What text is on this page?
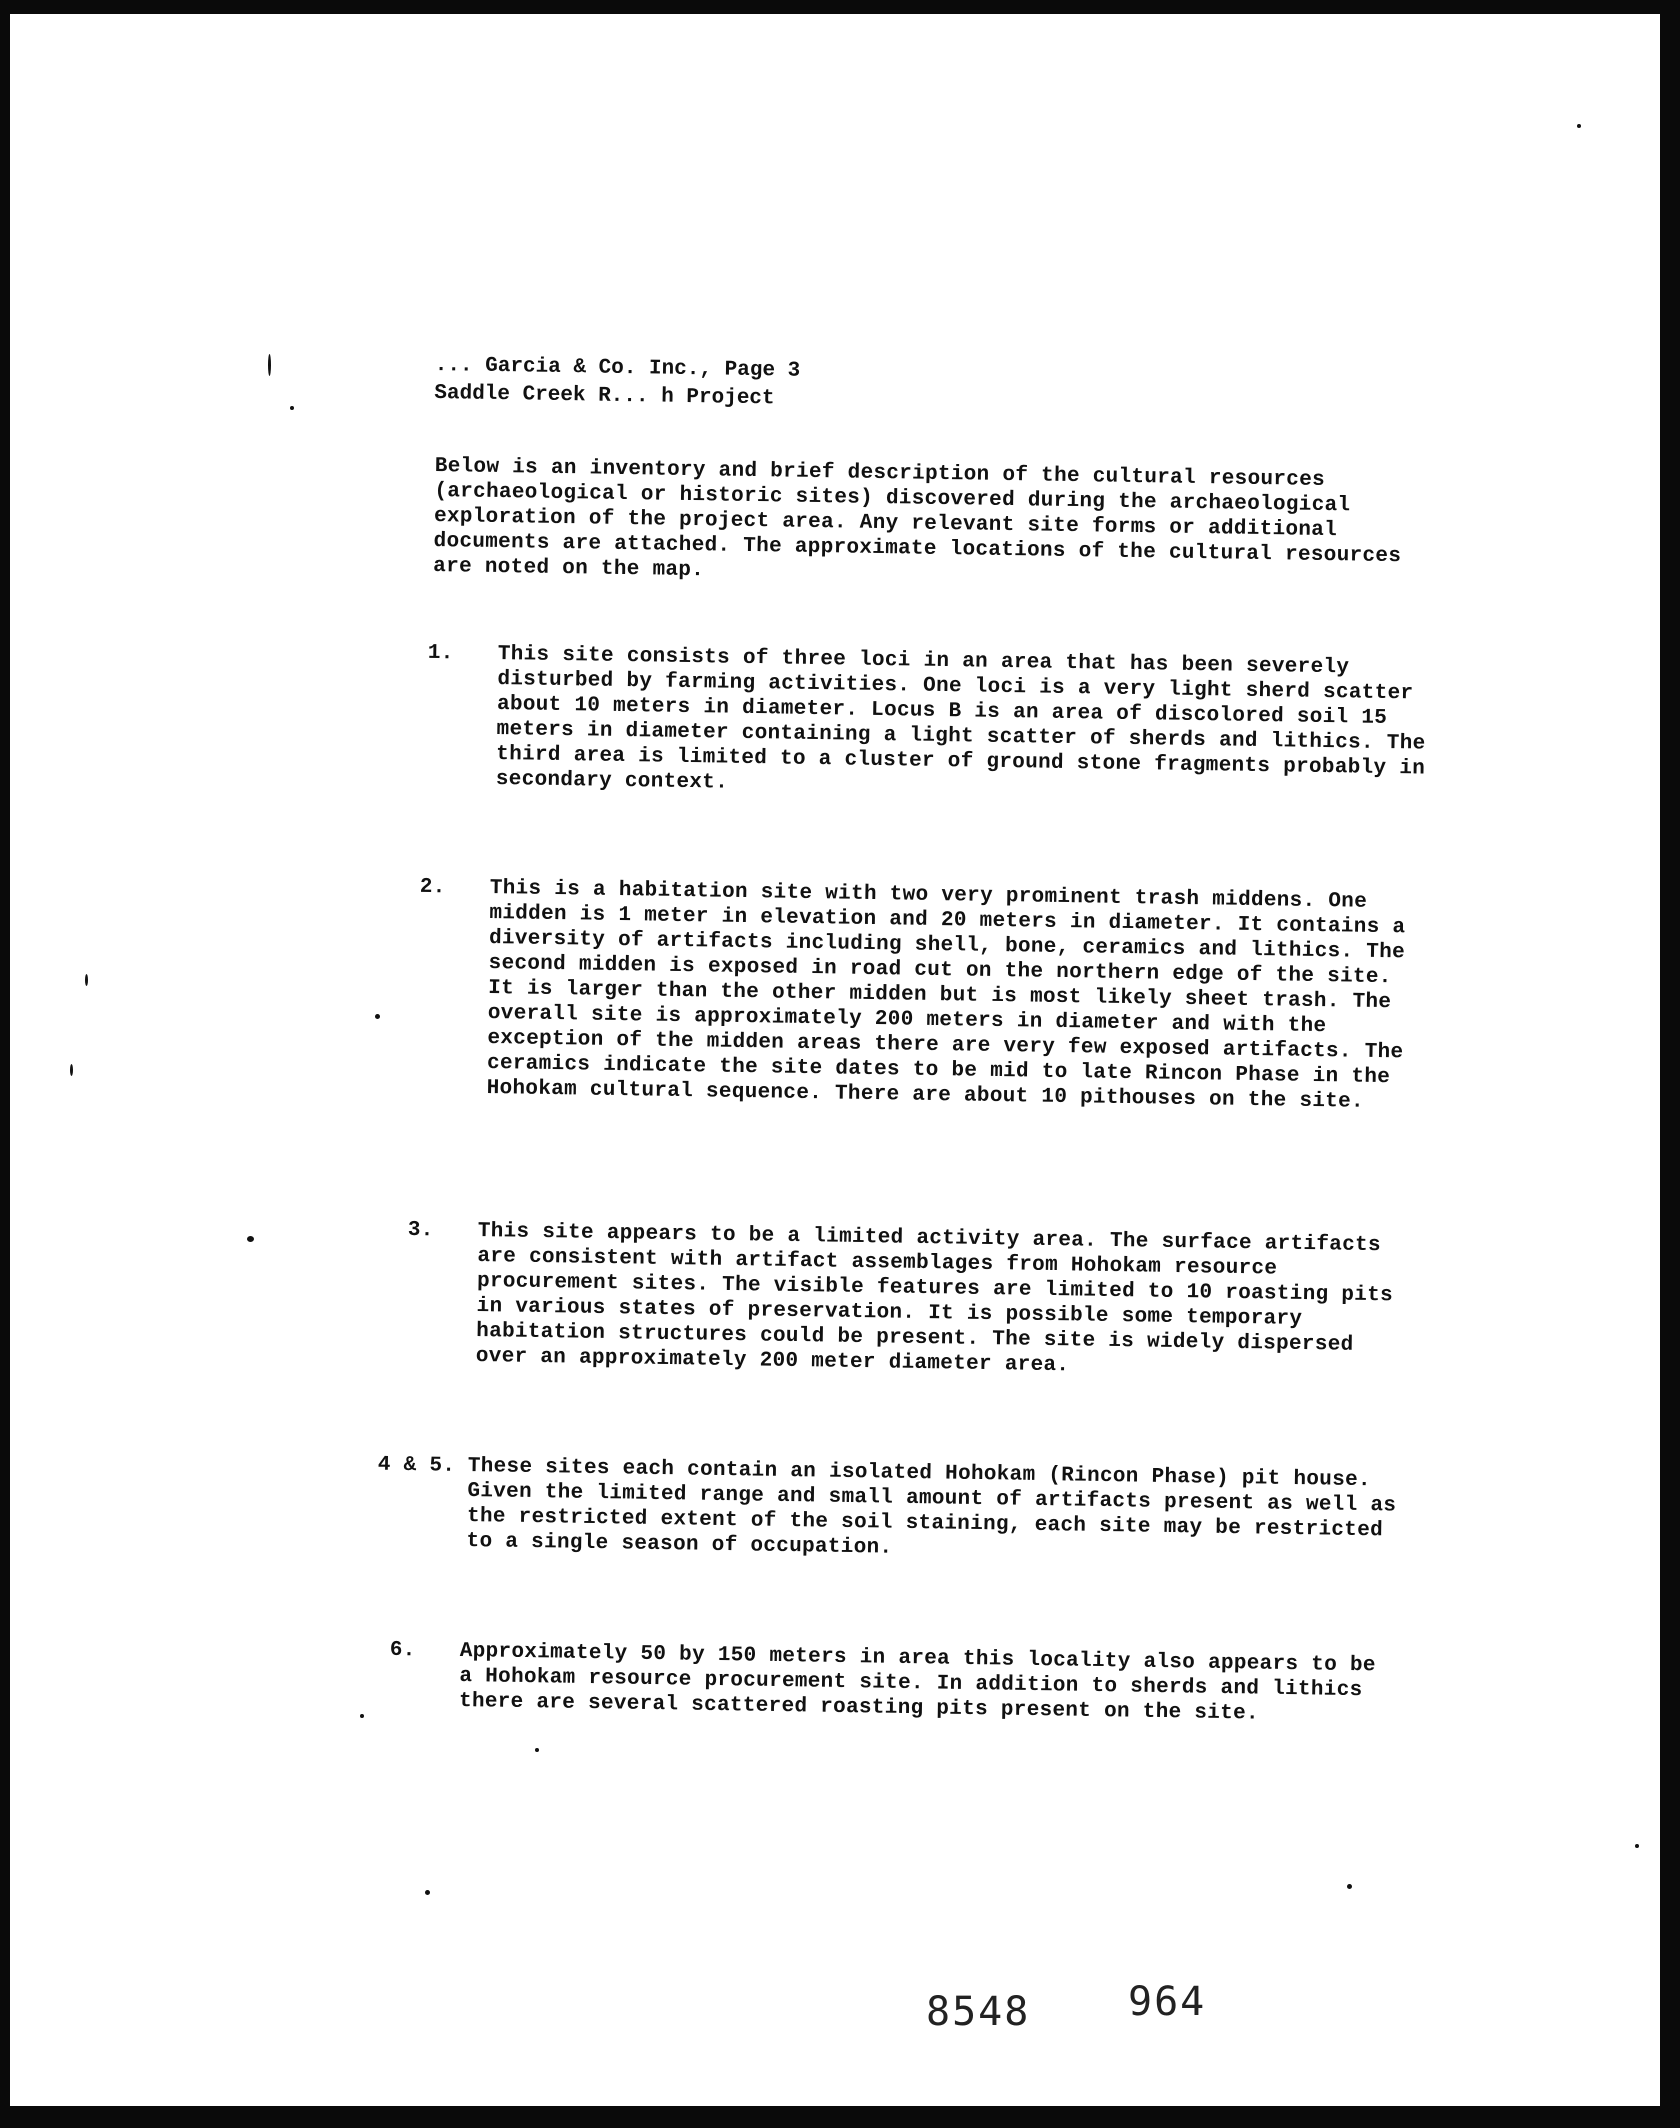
... Garcia & Co. Inc., Page 3
Saddle Creek R... h Project
Below is an inventory and brief description of the cultural resources (archaeological or historic sites) discovered during the archaeological exploration of the project area. Any relevant site forms or additional documents are attached. The approximate locations of the cultural resources are noted on the map.
1. This site consists of three loci in an area that has been severely disturbed by farming activities. One loci is a very light sherd scatter about 10 meters in diameter. Locus B is an area of discolored soil 15 meters in diameter containing a light scatter of sherds and lithics. The third area is limited to a cluster of ground stone fragments probably in secondary context.
2. This is a habitation site with two very prominent trash middens. One midden is 1 meter in elevation and 20 meters in diameter. It contains a diversity of artifacts including shell, bone, ceramics and lithics. The second midden is exposed in road cut on the northern edge of the site. It is larger than the other midden but is most likely sheet trash. The overall site is approximately 200 meters in diameter and with the exception of the midden areas there are very few exposed artifacts. The ceramics indicate the site dates to be mid to late Rincon Phase in the Hohokam cultural sequence. There are about 10 pithouses on the site.
3. This site appears to be a limited activity area. The surface artifacts are consistent with artifact assemblages from Hohokam resource procurement sites. The visible features are limited to 10 roasting pits in various states of preservation. It is possible some temporary habitation structures could be present. The site is widely dispersed over an approximately 200 meter diameter area.
4 & 5. These sites each contain an isolated Hohokam (Rincon Phase) pit house. Given the limited range and small amount of artifacts present as well as the restricted extent of the soil staining, each site may be restricted to a single season of occupation.
6. Approximately 50 by 150 meters in area this locality also appears to be a Hohokam resource procurement site. In addition to sherds and lithics there are several scattered roasting pits present on the site.
8548 964
